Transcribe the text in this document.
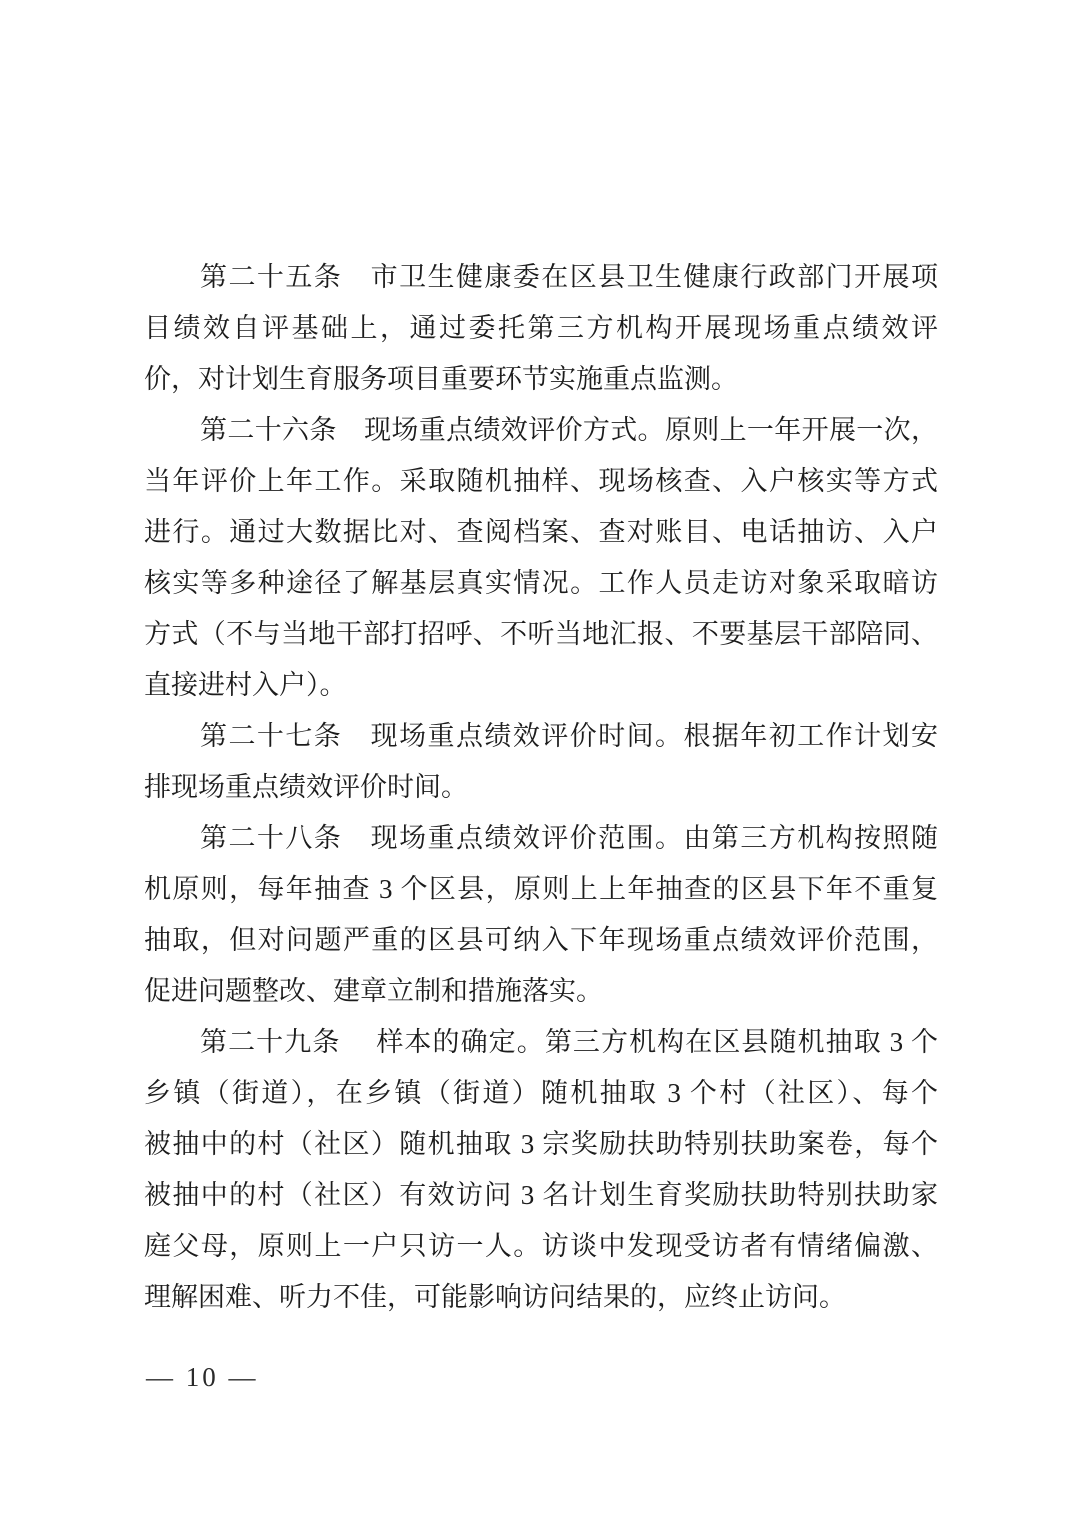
第二十五条　市卫生健康委在区县卫生健康行政部门开展项
目绩效自评基础上，通过委托第三方机构开展现场重点绩效评
价，对计划生育服务项目重要环节实施重点监测。
第二十六条　现场重点绩效评价方式。原则上一年开展一次，
当年评价上年工作。采取随机抽样、现场核查、入户核实等方式
进行。通过大数据比对、查阅档案、查对账目、电话抽访、入户
核实等多种途径了解基层真实情况。工作人员走访对象采取暗访
方式（不与当地干部打招呼、不听当地汇报、不要基层干部陪同、
直接进村入户）。
第二十七条　现场重点绩效评价时间。根据年初工作计划安
排现场重点绩效评价时间。
第二十八条　现场重点绩效评价范围。由第三方机构按照随
机原则，每年抽查 3 个区县，原则上上年抽查的区县下年不重复
抽取，但对问题严重的区县可纳入下年现场重点绩效评价范围，
促进问题整改、建章立制和措施落实。
第二十九条　 样本的确定。第三方机构在区县随机抽取 3 个
乡镇（街道），在乡镇（街道）随机抽取 3 个村（社区）、每个
被抽中的村（社区）随机抽取 3 宗奖励扶助特别扶助案卷，每个
被抽中的村（社区）有效访问 3 名计划生育奖励扶助特别扶助家
庭父母，原则上一户只访一人。访谈中发现受访者有情绪偏激、
理解困难、听力不佳，可能影响访问结果的，应终止访问。
— 10 —
